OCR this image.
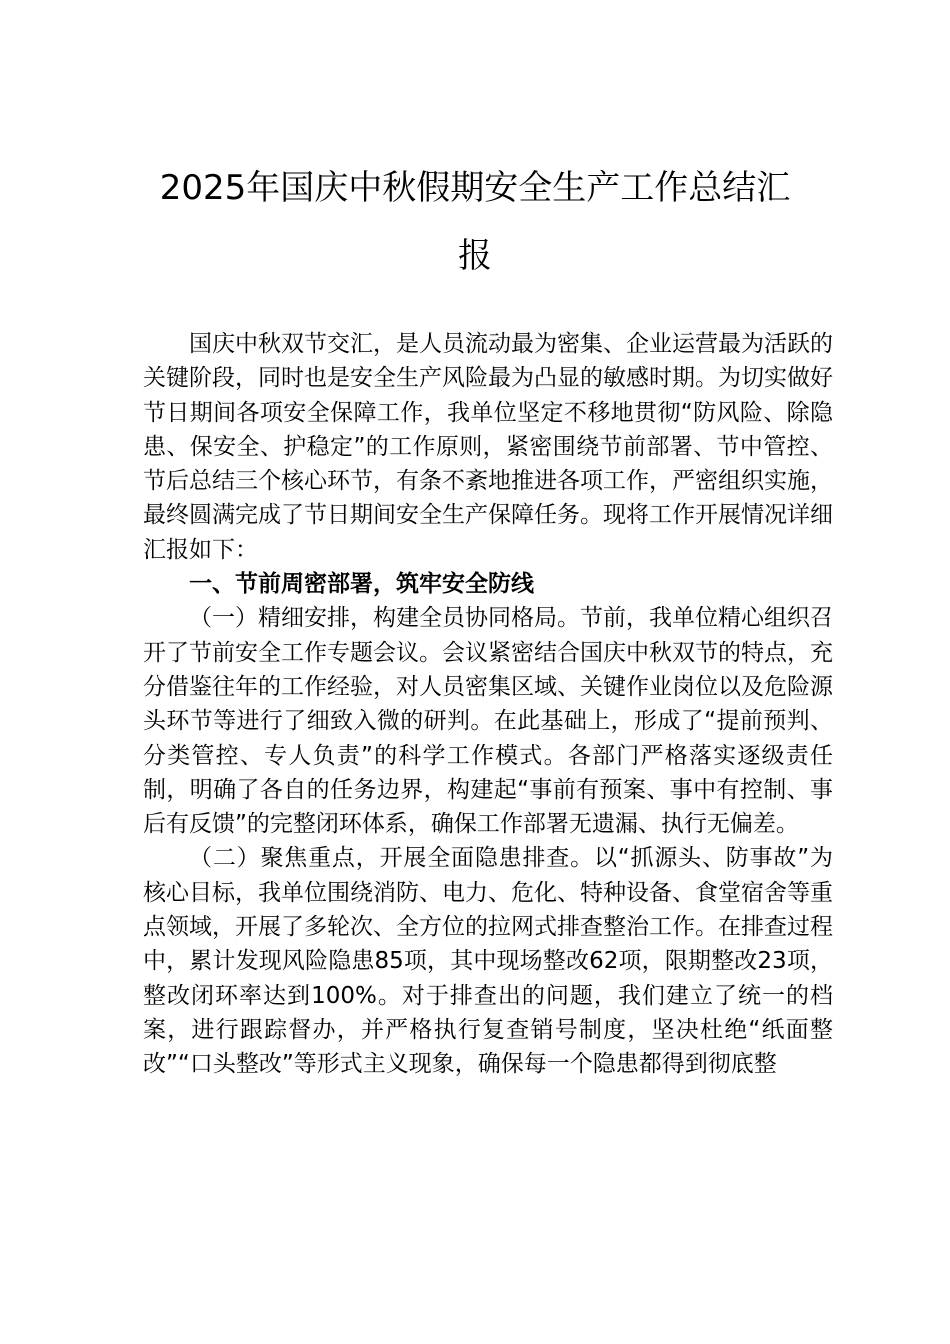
2025年国庆中秋假期安全生产工作总结汇
报

国庆中秋双节交汇，是人员流动最为密集、企业运营最为活跃的关键阶段，同时也是安全生产风险最为凸显的敏感时期。为切实做好节日期间各项安全保障工作，我单位坚定不移地贯彻“防风险、除隐患、保安全、护稳定”的工作原则，紧密围绕节前部署、节中管控、节后总结三个核心环节，有条不紊地推进各项工作，严密组织实施，最终圆满完成了节日期间安全生产保障任务。现将工作开展情况详细汇报如下：

一、节前周密部署，筑牢安全防线

（一）精细安排，构建全员协同格局。节前，我单位精心组织召开了节前安全工作专题会议。会议紧密结合国庆中秋双节的特点，充分借鉴往年的工作经验，对人员密集区域、关键作业岗位以及危险源头环节等进行了细致入微的研判。在此基础上，形成了“提前预判、分类管控、专人负责”的科学工作模式。各部门严格落实逐级责任制，明确了各自的任务边界，构建起“事前有预案、事中有控制、事后有反馈”的完整闭环体系，确保工作部署无遗漏、执行无偏差。

（二）聚焦重点，开展全面隐患排查。以“抓源头、防事故”为核心目标，我单位围绕消防、电力、危化、特种设备、食堂宿舍等重点领域，开展了多轮次、全方位的拉网式排查整治工作。在排查过程中，累计发现风险隐患85项，其中现场整改62项，限期整改23项，整改闭环率达到100%。对于排查出的问题，我们建立了统一的档案，进行跟踪督办，并严格执行复查销号制度，坚决杜绝“纸面整改”“口头整改”等形式主义现象，确保每一个隐患都得到彻底整
